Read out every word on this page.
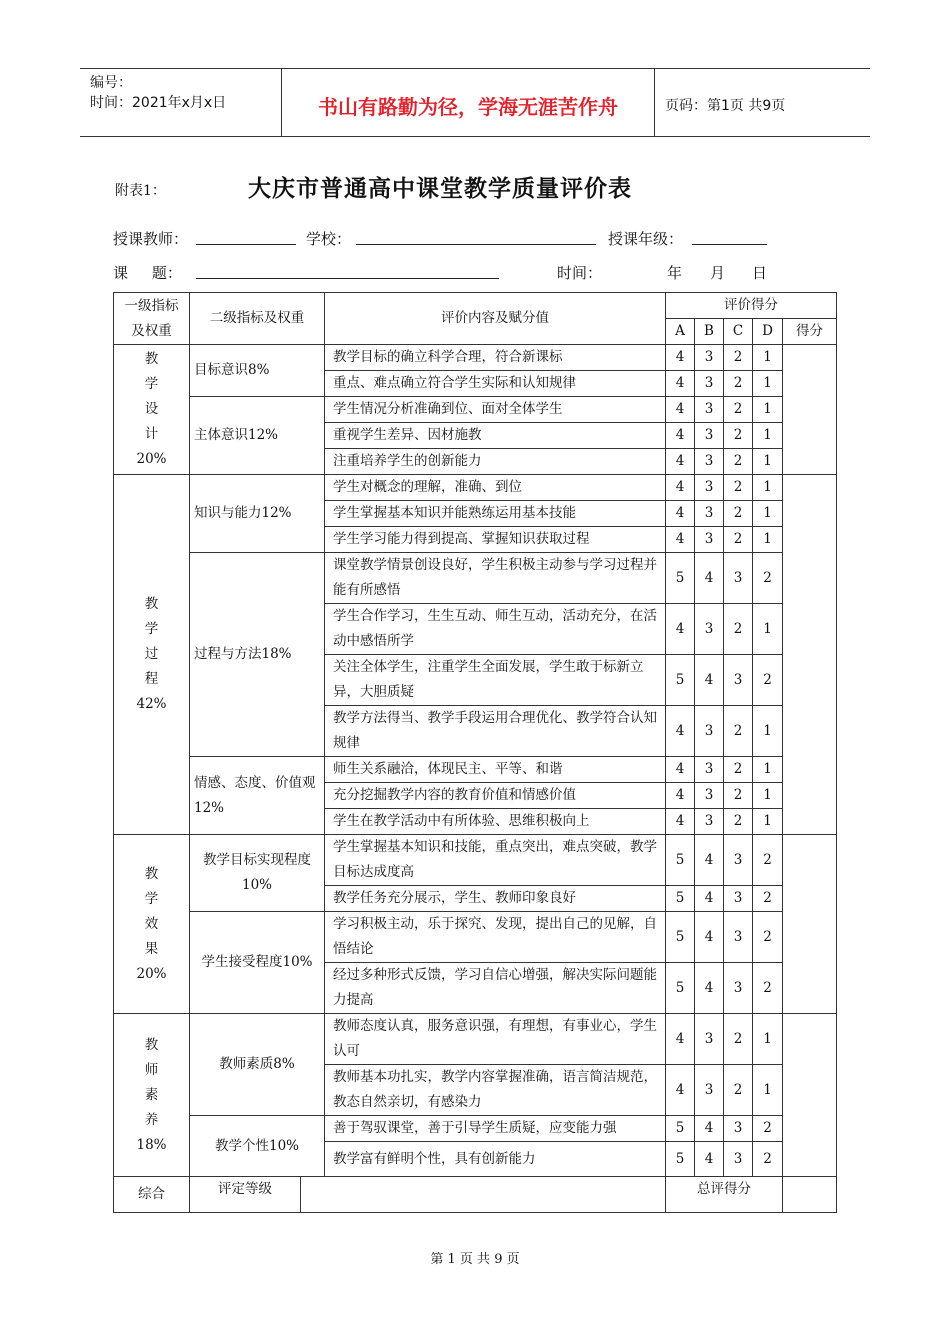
编号：
时间：2021年x月x日	书山有路勤为径，学海无涯苦作舟	页码：第1页 共9页
附表1：	大庆市普通高中课堂教学质量评价表
授课教师：	学校：	授课年级：
课     题：	时间：	年 月 日
一级指标及权重	二级指标及权重	评价内容及赋分值	评价得分				
			A	B	C	D	得分

教
学
设
计
20%	目标意识8%	教学目标的确立科学合理，符合新课标	4	3	2	1	
		重点、难点确立符合学生实际和认知规律	4	3	2	1	
	主体意识12%	学生情况分析准确到位、面对全体学生	4	3	2	1	
		重视学生差异、因材施教	4	3	2	1	
		注重培养学生的创新能力	4	3	2	1	

教
学
过
程
42%	知识与能力12%	学生对概念的理解，准确、到位	4	3	2	1	
		学生掌握基本知识并能熟练运用基本技能	4	3	2	1	
		学生学习能力得到提高、掌握知识获取过程	4	3	2	1	
	过程与方法18%	课堂教学情景创设良好，学生积极主动参与学习过程并能有所感悟	5	4	3	2	
		学生合作学习，生生互动、师生互动，活动充分，在活动中感悟所学	4	3	2	1	
		关注全体学生，注重学生全面发展，学生敢于标新立异，大胆质疑	5	4	3	2	
		教学方法得当、教学手段运用合理优化、教学符合认知规律	4	3	2	1	
	情感、态度、价值观12%	师生关系融洽，体现民主、平等、和谐	4	3	2	1	
		充分挖掘教学内容的教育价值和情感价值	4	3	2	1	
		学生在教学活动中有所体验、思维积极向上	4	3	2	1	

教
学
效
果
20%	教学目标实现程度10%	学生掌握基本知识和技能，重点突出，难点突破，教学目标达成度高	5	4	3	2	
		教学任务充分展示，学生、教师印象良好	5	4	3	2	
	学生接受程度10%	学习积极主动，乐于探究、发现，提出自己的见解，自悟结论	5	4	3	2	
		经过多种形式反馈，学习自信心增强，解决实际问题能力提高	5	4	3	2	

教
师
素
养
18%	教师素质8%	教师态度认真，服务意识强，有理想，有事业心，学生认可	4	3	2	1	
		教师基本功扎实，教学内容掌握准确，语言简洁规范，教态自然亲切，有感染力	4	3	2	1	
	教学个性10%	善于驾驭课堂，善于引导学生质疑，应变能力强	5	4	3	2	
		教学富有鲜明个性，具有创新能力	5	4	3	2	
综合	评定等级		总评得分				
第 1 页 共 9 页
